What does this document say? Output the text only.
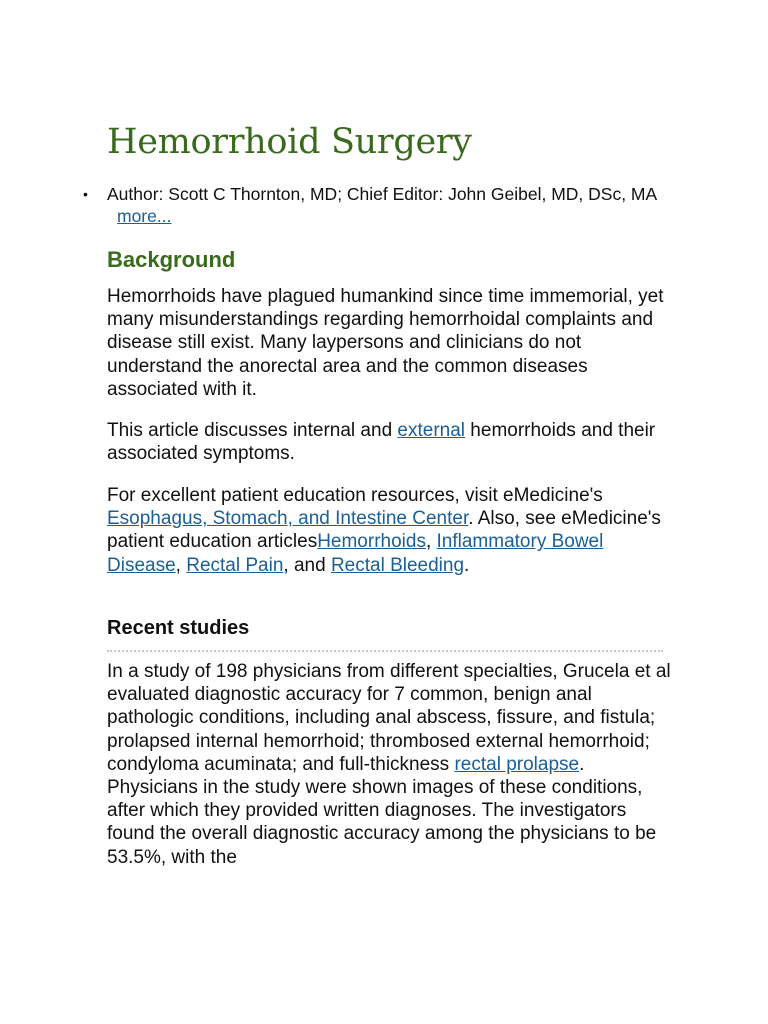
Hemorrhoid Surgery
• Author: Scott C Thornton, MD; Chief Editor: John Geibel, MD, DSc, MA more...
Background

Hemorrhoids have plagued humankind since time immemorial, yet many misunderstandings regarding hemorrhoidal complaints and disease still exist. Many laypersons and clinicians do not understand the anorectal area and the common diseases associated with it.

This article discusses internal and external hemorrhoids and their associated symptoms.

For excellent patient education resources, visit eMedicine's Esophagus, Stomach, and Intestine Center. Also, see eMedicine's patient education articlesHemorrhoids, Inflammatory Bowel Disease, Rectal Pain, and Rectal Bleeding.

Recent studies

In a study of 198 physicians from different specialties, Grucela et al evaluated diagnostic accuracy for 7 common, benign anal pathologic conditions, including anal abscess, fissure, and fistula; prolapsed internal hemorrhoid; thrombosed external hemorrhoid; condyloma acuminata; and full-thickness rectal prolapse. Physicians in the study were shown images of these conditions, after which they provided written diagnoses. The investigators found the overall diagnostic accuracy among the physicians to be 53.5%, with the
